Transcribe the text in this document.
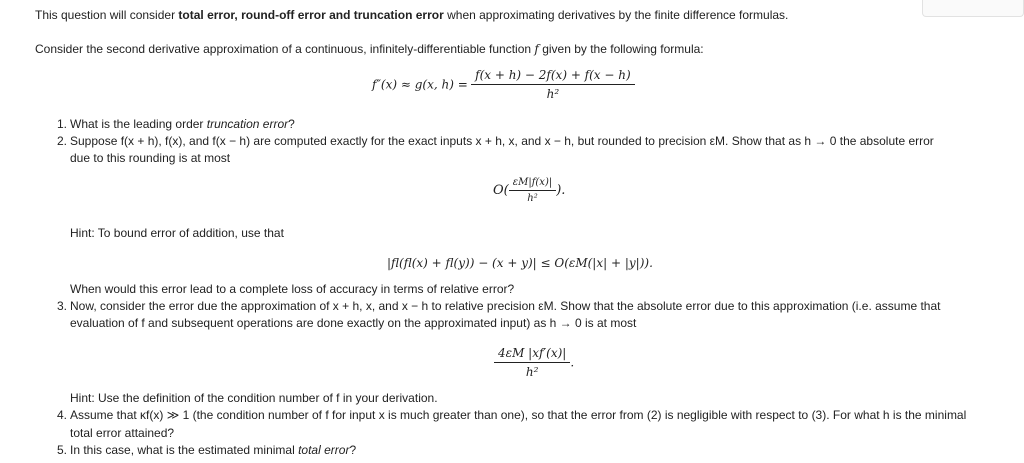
This question will consider total error, round-off error and truncation error when approximating derivatives by the finite difference formulas.
Consider the second derivative approximation of a continuous, infinitely-differentiable function f given by the following formula:
f″(x) ≈ g(x, $h) = \frac{f(x + h) - 2f(x) + f(x - h)}{\text{h²}}$
1. What is the leading order truncation error?
2. Suppose f(x + h), f(x), and f(x − h) are computed exactly for the exact inputs x + h, x, and x − h, but rounded to precision εM. Show that as h → 0 the absolute error
due to this rounding is at most
$O( \frac{\varepsilon M|f(x)|}{\text{h²}}$ ).
Hint: To bound error of addition, use that
|fl(fl(x) + fl(y)) − (x + y)| ≤ O(εM(|x| + |y|)).
When would this error lead to a complete loss of accuracy in terms of relative error?
3. Now, consider the error due the approximation of x + h, x, and x − h to relative precision εM. Show that the absolute error due to this approximation (i.e. assume that
evaluation of f and subsequent operations are done exactly on the approximated input) as h → 0 is at most
$\frac{4\varepsilon M |xf'(x)|}{\text{h²}}$ .
Hint: Use the definition of the condition number of f in your derivation.
4. Assume that κf(x) ≫ 1 (the condition number of f for input x is much greater than one), so that the error from (2) is negligible with respect to (3). For what h is the minimal
total error attained?
5. In this case, what is the estimated minimal total error?
